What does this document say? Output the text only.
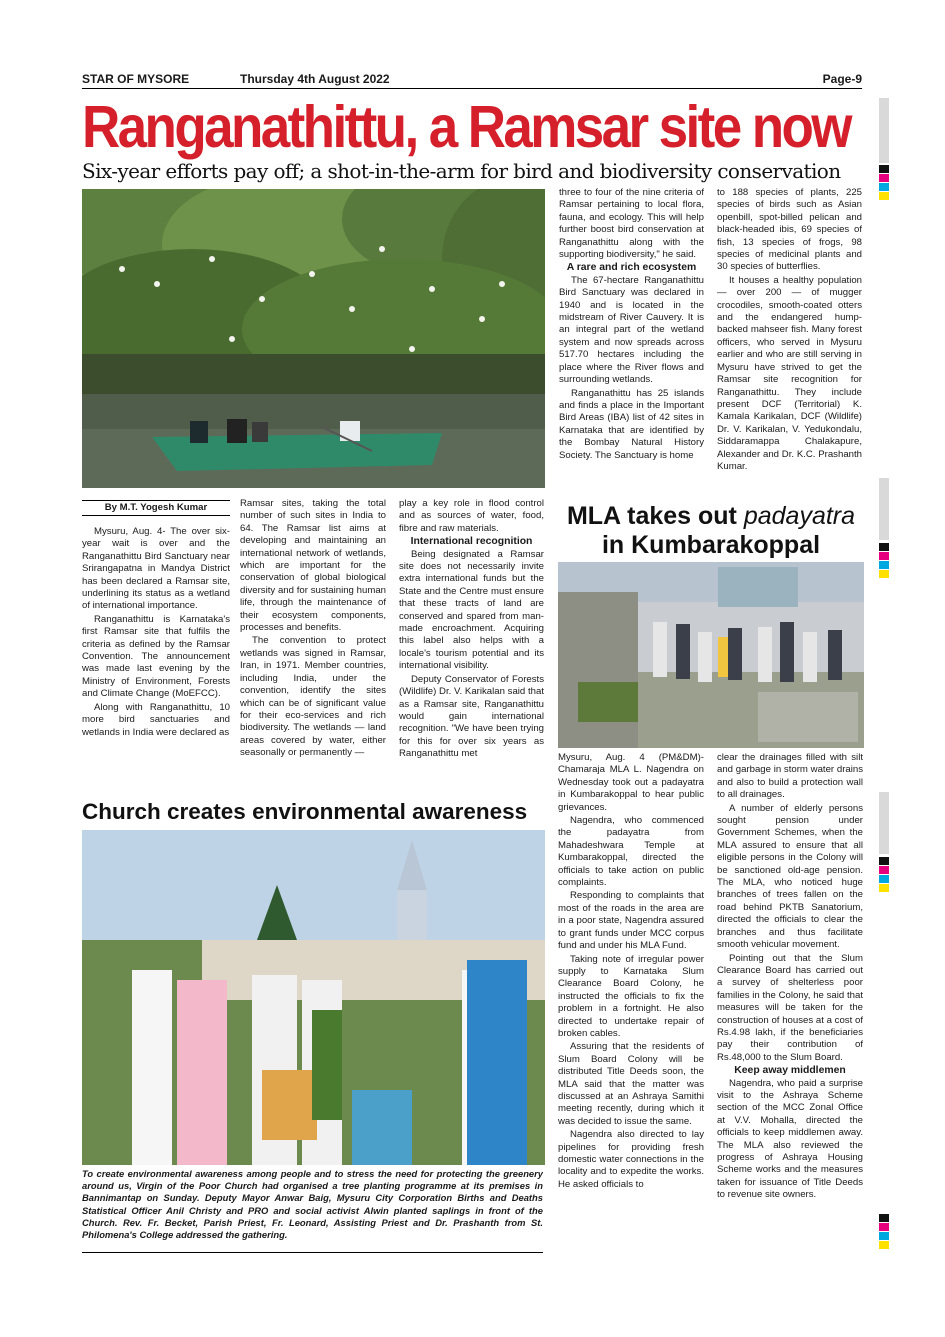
STAR OF MYSORE	Thursday 4th August 2022	Page-9
Ranganathittu, a Ramsar site now
Six-year efforts pay off; a shot-in-the-arm for bird and biodiversity conservation
By M.T. Yogesh Kumar

Mysuru, Aug. 4- The over six-year wait is over and the Ranganathittu Bird Sanctuary near Srirangapatna in Mandya District has been declared a Ramsar site, underlining its status as a wetland of international importance.

Ranganathittu is Karnataka's first Ramsar site that fulfils the criteria as defined by the Ramsar Convention. The announcement was made last evening by the Ministry of Environment, Forests and Climate Change (MoEFCC).

Along with Ranganathittu, 10 more bird sanctuaries and wetlands in India were declared as

Ramsar sites, taking the total number of such sites in India to 64. The Ramsar list aims at developing and maintaining an international network of wetlands, which are important for the conservation of global biological diversity and for sustaining human life, through the maintenance of their ecosystem components, processes and benefits.

The convention to protect wetlands was signed in Ramsar, Iran, in 1971. Member countries, including India, under the convention, identify the sites which can be of significant value for their eco-services and rich biodiversity. The wetlands — land areas covered by water, either seasonally or permanently —

play a key role in flood control and as sources of water, food, fibre and raw materials.

International recognition

Being designated a Ramsar site does not necessarily invite extra international funds but the State and the Centre must ensure that these tracts of land are conserved and spared from man-made encroachment. Acquiring this label also helps with a locale's tourism potential and its international visibility.

Deputy Conservator of Forests (Wildlife) Dr. V. Karikalan said that as a Ramsar site, Ranganathittu would gain international recognition. "We have been trying for this for over six years as Ranganathittu met

three to four of the nine criteria of Ramsar pertaining to local flora, fauna, and ecology. This will help further boost bird conservation at Ranganathittu along with the supporting biodiversity," he said.

A rare and rich ecosystem

The 67-hectare Ranganathittu Bird Sanctuary was declared in 1940 and is located in the midstream of River Cauvery. It is an integral part of the wetland system and now spreads across 517.70 hectares including the place where the River flows and surrounding wetlands.

Ranganathittu has 25 islands and finds a place in the Important Bird Areas (IBA) list of 42 sites in Karnataka that are identified by the Bombay Natural History Society. The Sanctuary is home

to 188 species of plants, 225 species of birds such as Asian openbill, spot-billed pelican and black-headed ibis, 69 species of fish, 13 species of frogs, 98 species of medicinal plants and 30 species of butterflies.

It houses a healthy population — over 200 — of mugger crocodiles, smooth-coated otters and the endangered hump-backed mahseer fish. Many forest officers, who served in Mysuru earlier and who are still serving in Mysuru have strived to get the Ramsar site recognition for Ranganathittu. They include present DCF (Territorial) K. Kamala Karikalan, DCF (Wildlife) Dr. V. Karikalan, V. Yedukondalu, Siddaramappa Chalakapure, Alexander and Dr. K.C. Prashanth Kumar.

MLA takes out padayatra
in Kumbarakoppal

Mysuru, Aug. 4 (PM&DM)- Chamaraja MLA L. Nagendra on Wednesday took out a padayatra in Kumbarakoppal to hear public grievances.

Nagendra, who commenced the padayatra from Mahadeshwara Temple at Kumbarakoppal, directed the officials to take action on public complaints.

Responding to complaints that most of the roads in the area are in a poor state, Nagendra assured to grant funds under MCC corpus fund and under his MLA Fund.

Taking note of irregular power supply to Karnataka Slum Clearance Board Colony, he instructed the officials to fix the problem in a fortnight. He also directed to undertake repair of broken cables.

Assuring that the residents of Slum Board Colony will be distributed Title Deeds soon, the MLA said that the matter was discussed at an Ashraya Samithi meeting recently, during which it was decided to issue the same.

Nagendra also directed to lay pipelines for providing fresh domestic water connections in the locality and to expedite the works. He asked officials to

clear the drainages filled with silt and garbage in storm water drains and also to build a protection wall to all drainages.

A number of elderly persons sought pension under Government Schemes, when the MLA assured to ensure that all eligible persons in the Colony will be sanctioned old-age pension. The MLA, who noticed huge branches of trees fallen on the road behind PKTB Sanatorium, directed the officials to clear the branches and thus facilitate smooth vehicular movement.

Pointing out that the Slum Clearance Board has carried out a survey of shelterless poor families in the Colony, he said that measures will be taken for the construction of houses at a cost of Rs.4.98 lakh, if the beneficiaries pay their contribution of Rs.48,000 to the Slum Board.

Keep away middlemen

Nagendra, who paid a surprise visit to the Ashraya Scheme section of the MCC Zonal Office at V.V. Mohalla, directed the officials to keep middlemen away. The MLA also reviewed the progress of Ashraya Housing Scheme works and the measures taken for issuance of Title Deeds to revenue site owners.

Church creates environmental awareness
To create environmental awareness among people and to stress the need for protecting the greenery around us, Virgin of the Poor Church had organised a tree planting programme at its premises in Bannimantap on Sunday. Deputy Mayor Anwar Baig, Mysuru City Corporation Births and Deaths Statistical Officer Anil Christy and PRO and social activist Alwin planted saplings in front of the Church. Rev. Fr. Becket, Parish Priest, Fr. Leonard, Assisting Priest and Dr. Prashanth from St. Philomena's College addressed the gathering.
